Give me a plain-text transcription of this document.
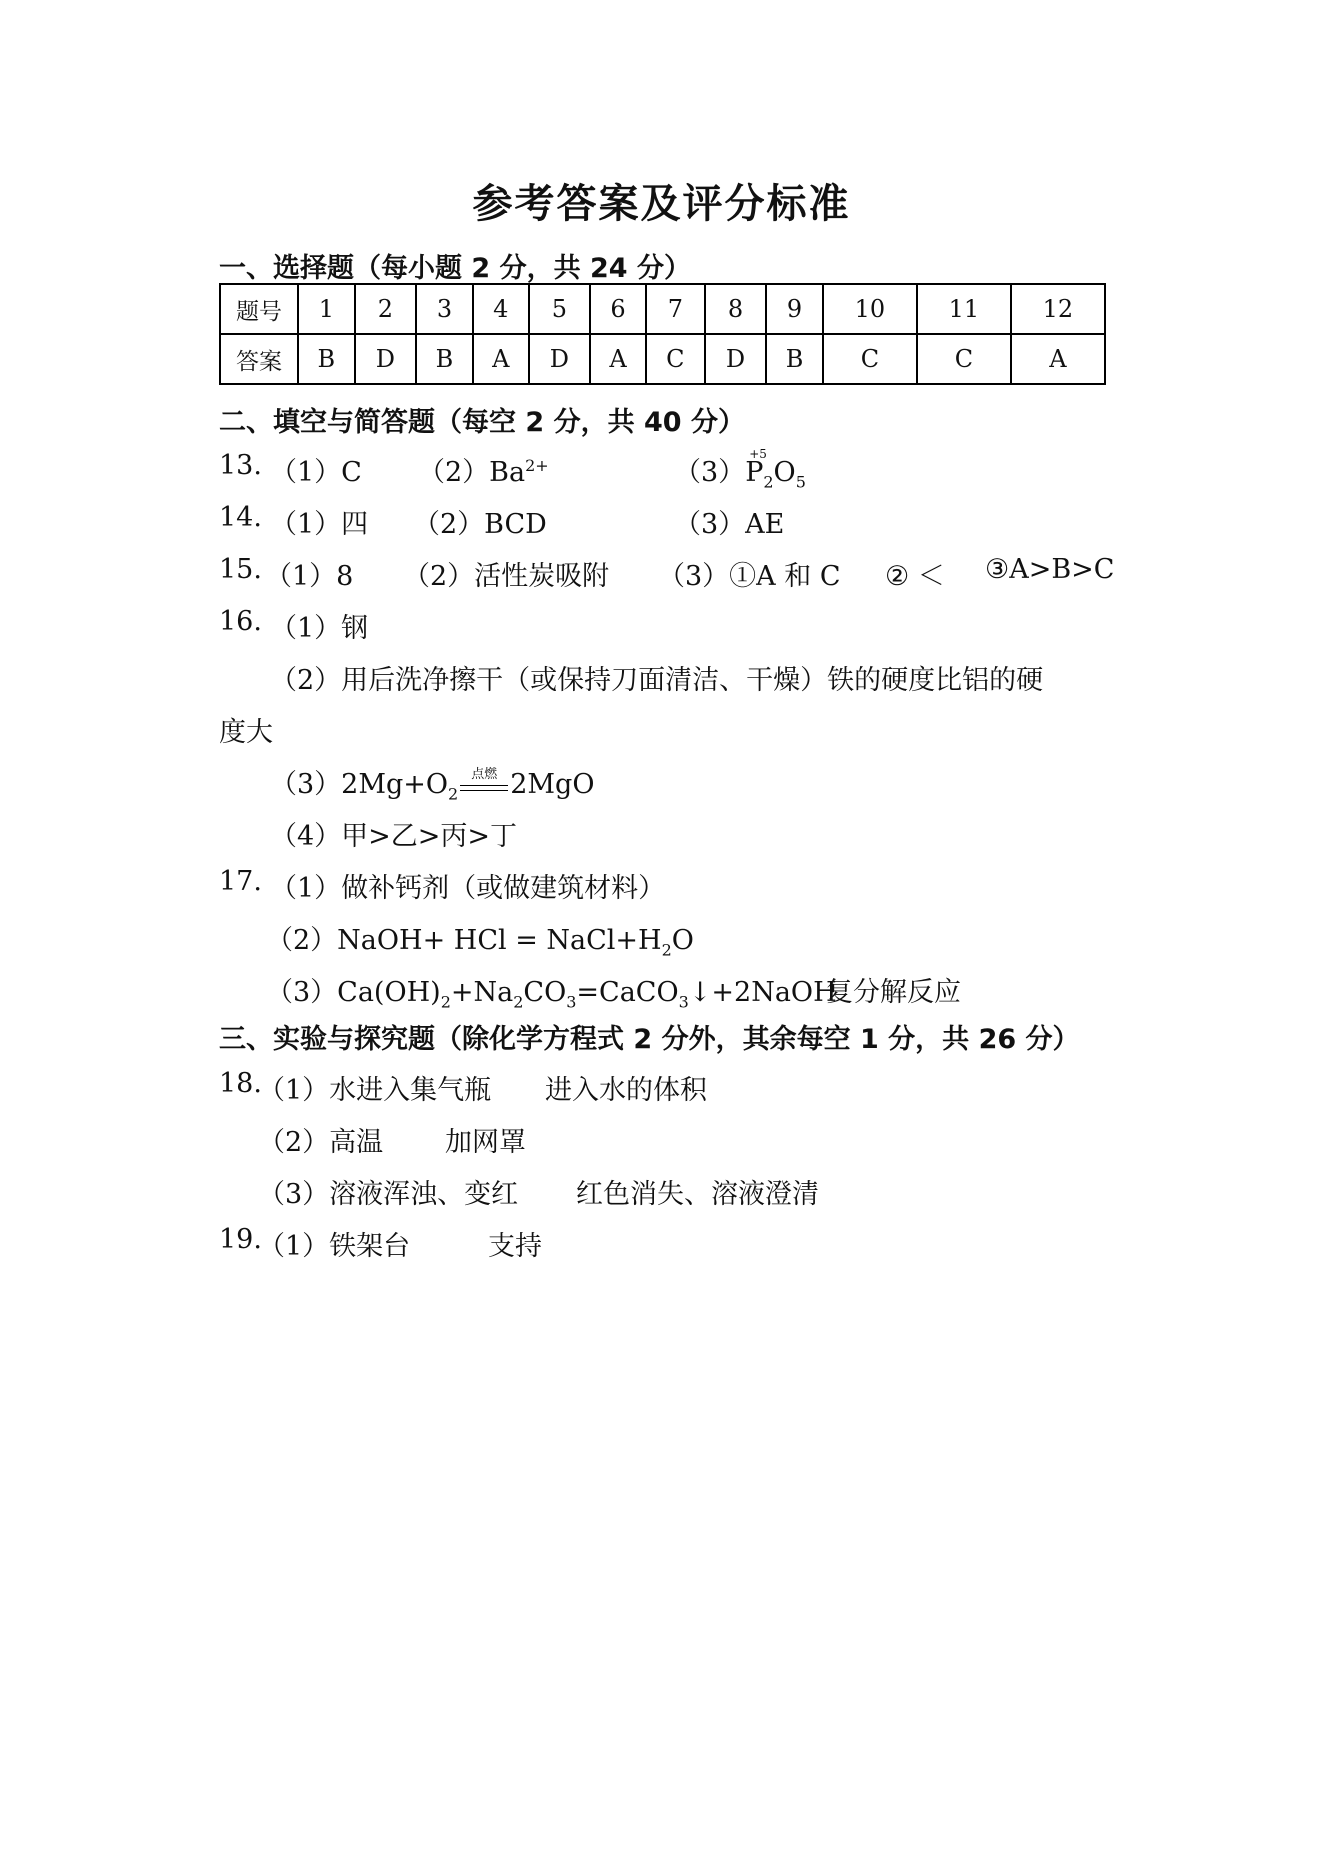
参考答案及评分标准
一、选择题（每小题 2 分，共 24 分）
题号	1	2	3	4	5	6	7	8	9	10	11	12
答案	B	D	B	A	D	A	C	D	B	C	C	A
二、填空与简答题（每空 2 分，共 40 分）
13. （1）C $(2)Ba^{2+}$	（3）
+5
$P_2O_5$
14. （1）四 （2）BCD	（3）AE
15. （1）8 （2）活性炭吸附 （3）①A 和 C ② ＜ ③A>B>C
16. （1）钢
（2）用后洗净擦干（或保持刀面清洁、干燥）铁的硬度比铝的硬
度大
$(3)2Mg+O_2$
点燃 2MgO
（4）甲>乙>丙>丁
17. （1）做补钙剂（或做建筑材料）
（2）NaOH+ HCl = $NaCl+H_2O$
$(3)Ca(OH)_2+Na_2CO_3=CaCO_3↓+2NaOH$
复分解反应
三、实验与探究题（除化学方程式 2 分外，其余每空 1 分，共 26 分）
18.
（1）水进入集气瓶 进入水的体积
（2）高温 加网罩
（3）溶液浑浊、变红 红色消失、溶液澄清
19.
（1）铁架台	支持
